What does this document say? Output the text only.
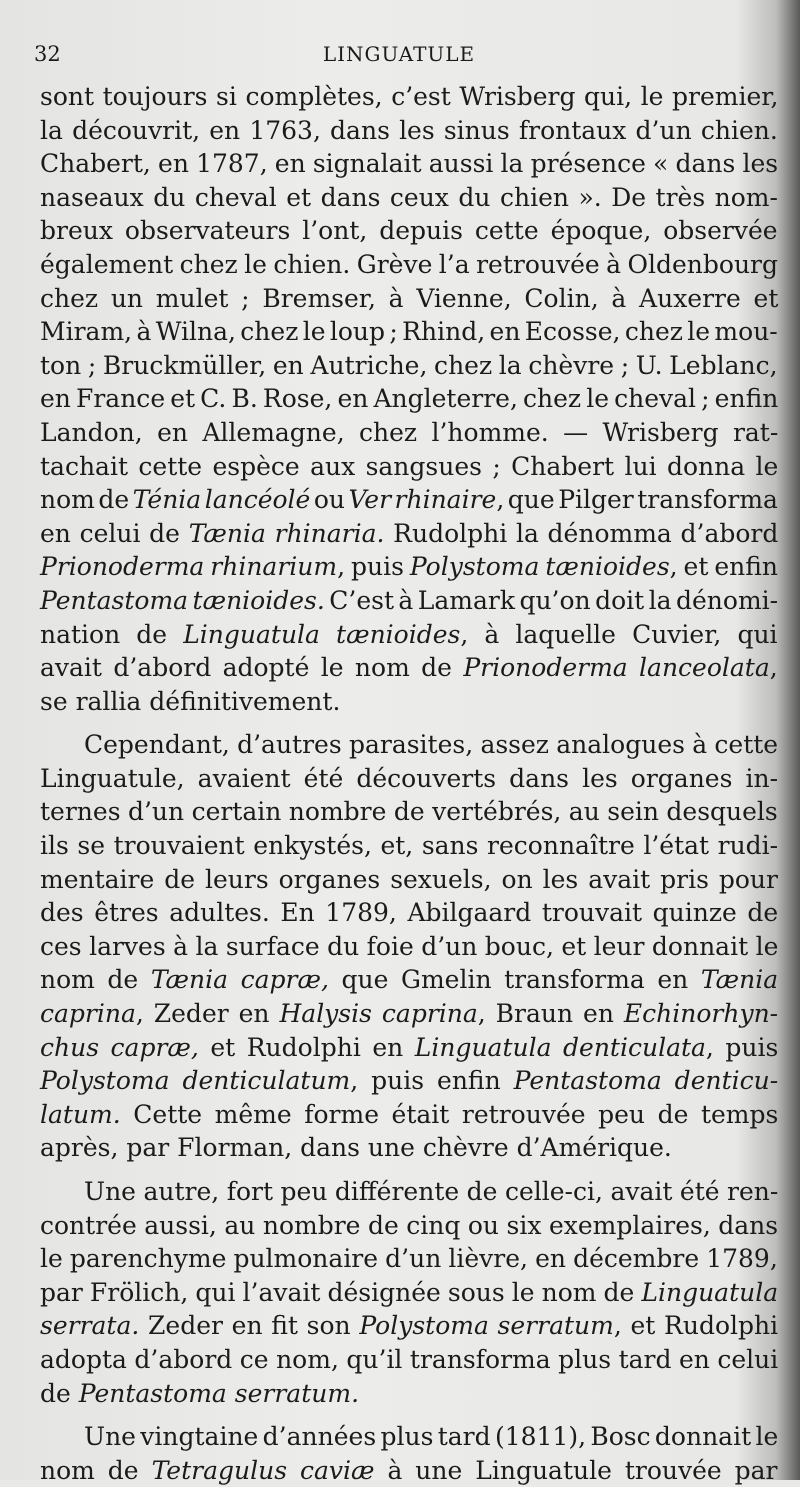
32	LINGUATULE
sont toujours si complètes, c’est Wrisberg qui, le premier,
la découvrit, en 1763, dans les sinus frontaux d’un chien.
Chabert, en 1787, en signalait aussi la présence « dans les
naseaux du cheval et dans ceux du chien ». De très nom-
breux observateurs l’ont, depuis cette époque, observée
également chez le chien. Grève l’a retrouvée à Oldenbourg
chez un mulet ; Bremser, à Vienne, Colin, à Auxerre et
Miram, à Wilna, chez le loup ; Rhind, en Ecosse, chez le mou-
ton ; Bruckmüller, en Autriche, chez la chèvre ; U. Leblanc,
en France et C. B. Rose, en Angleterre, chez le cheval ; enfin
Landon, en Allemagne, chez l’homme. — Wrisberg rat-
tachait cette espèce aux sangsues ; Chabert lui donna le
nom de Ténia lancéolé ou Ver rhinaire, que Pilger transforma
en celui de Tænia rhinaria. Rudolphi la dénomma d’abord
Prionoderma rhinarium, puis Polystoma tænioides, et enfin
Pentastoma tænioides. C’est à Lamark qu’on doit la dénomi-
nation de Linguatula tænioides, à laquelle Cuvier, qui
avait d’abord adopté le nom de Prionoderma lanceolata,
se rallia définitivement.
Cependant, d’autres parasites, assez analogues à cette
Linguatule, avaient été découverts dans les organes in-
ternes d’un certain nombre de vertébrés, au sein desquels
ils se trouvaient enkystés, et, sans reconnaître l’état rudi-
mentaire de leurs organes sexuels, on les avait pris pour
des êtres adultes. En 1789, Abilgaard trouvait quinze de
ces larves à la surface du foie d’un bouc, et leur donnait le
nom de Tænia capræ, que Gmelin transforma en Tænia
caprina, Zeder en Halysis caprina, Braun en Echinorhyn-
chus capræ, et Rudolphi en Linguatula denticulata, puis
Polystoma denticulatum, puis enfin Pentastoma denticu-
latum. Cette même forme était retrouvée peu de temps
après, par Florman, dans une chèvre d’Amérique.
Une autre, fort peu différente de celle-ci, avait été ren-
contrée aussi, au nombre de cinq ou six exemplaires, dans
le parenchyme pulmonaire d’un lièvre, en décembre 1789,
par Frölich, qui l’avait désignée sous le nom de Linguatula
serrata. Zeder en fit son Polystoma serratum, et Rudolphi
adopta d’abord ce nom, qu’il transforma plus tard en celui
de Pentastoma serratum.
Une vingtaine d’années plus tard (1811), Bosc donnait le
nom de Tetragulus caviæ à une Linguatule trouvée par
